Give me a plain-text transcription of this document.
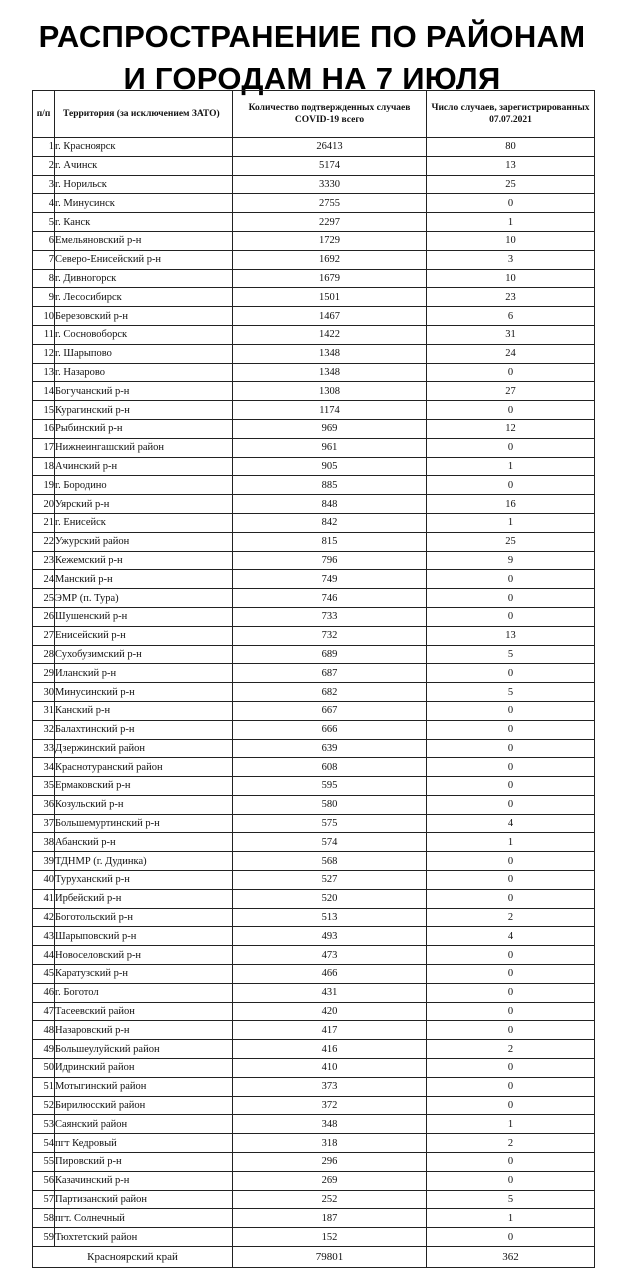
РАСПРОСТРАНЕНИЕ ПО РАЙОНАМ
И ГОРОДАМ НА 7 ИЮЛЯ
п/п	Территория (за исключением ЗАТО)	Количество подтвержденных случаев COVID-19 всего	Число случаев, зарегистрированных 07.07.2021
1	г. Красноярск	26413	80
2	г. Ачинск	5174	13
3	г. Норильск	3330	25
4	г. Минусинск	2755	0
5	г. Канск	2297	1
6	Емельяновский р-н	1729	10
7	Северо-Енисейский р-н	1692	3
8	г. Дивногорск	1679	10
9	г. Лесосибирск	1501	23
10	Березовский р-н	1467	6
11	г. Сосновоборск	1422	31
12	г. Шарыпово	1348	24
13	г. Назарово	1348	0
14	Богучанский р-н	1308	27
15	Курагинский р-н	1174	0
16	Рыбинский р-н	969	12
17	Нижнеингашский район	961	0
18	Ачинский р-н	905	1
19	г. Бородино	885	0
20	Уярский р-н	848	16
21	г. Енисейск	842	1
22	Ужурский район	815	25
23	Кежемский р-н	796	9
24	Манский р-н	749	0
25	ЭМР (п. Тура)	746	0
26	Шушенский р-н	733	0
27	Енисейский р-н	732	13
28	Сухобузимский р-н	689	5
29	Иланский р-н	687	0
30	Минусинский р-н	682	5
31	Канский р-н	667	0
32	Балахтинский р-н	666	0
33	Дзержинский район	639	0
34	Краснотуранский район	608	0
35	Ермаковский р-н	595	0
36	Козульский р-н	580	0
37	Большемуртинский р-н	575	4
38	Абанский р-н	574	1
39	ТДНМР (г. Дудинка)	568	0
40	Туруханский р-н	527	0
41	Ирбейский р-н	520	0
42	Боготольский р-н	513	2
43	Шарыповский р-н	493	4
44	Новоселовский р-н	473	0
45	Каратузский р-н	466	0
46	г. Боготол	431	0
47	Тасеевский район	420	0
48	Назаровский р-н	417	0
49	Большеулуйский район	416	2
50	Идринский район	410	0
51	Мотыгинский район	373	0
52	Бирилюсский район	372	0
53	Саянский район	348	1
54	пгт Кедровый	318	2
55	Пировский р-н	296	0
56	Казачинский р-н	269	0
57	Партизанский район	252	5
58	пгт. Солнечный	187	1
59	Тюхтетский район	152	0
Красноярский край		79801	362
